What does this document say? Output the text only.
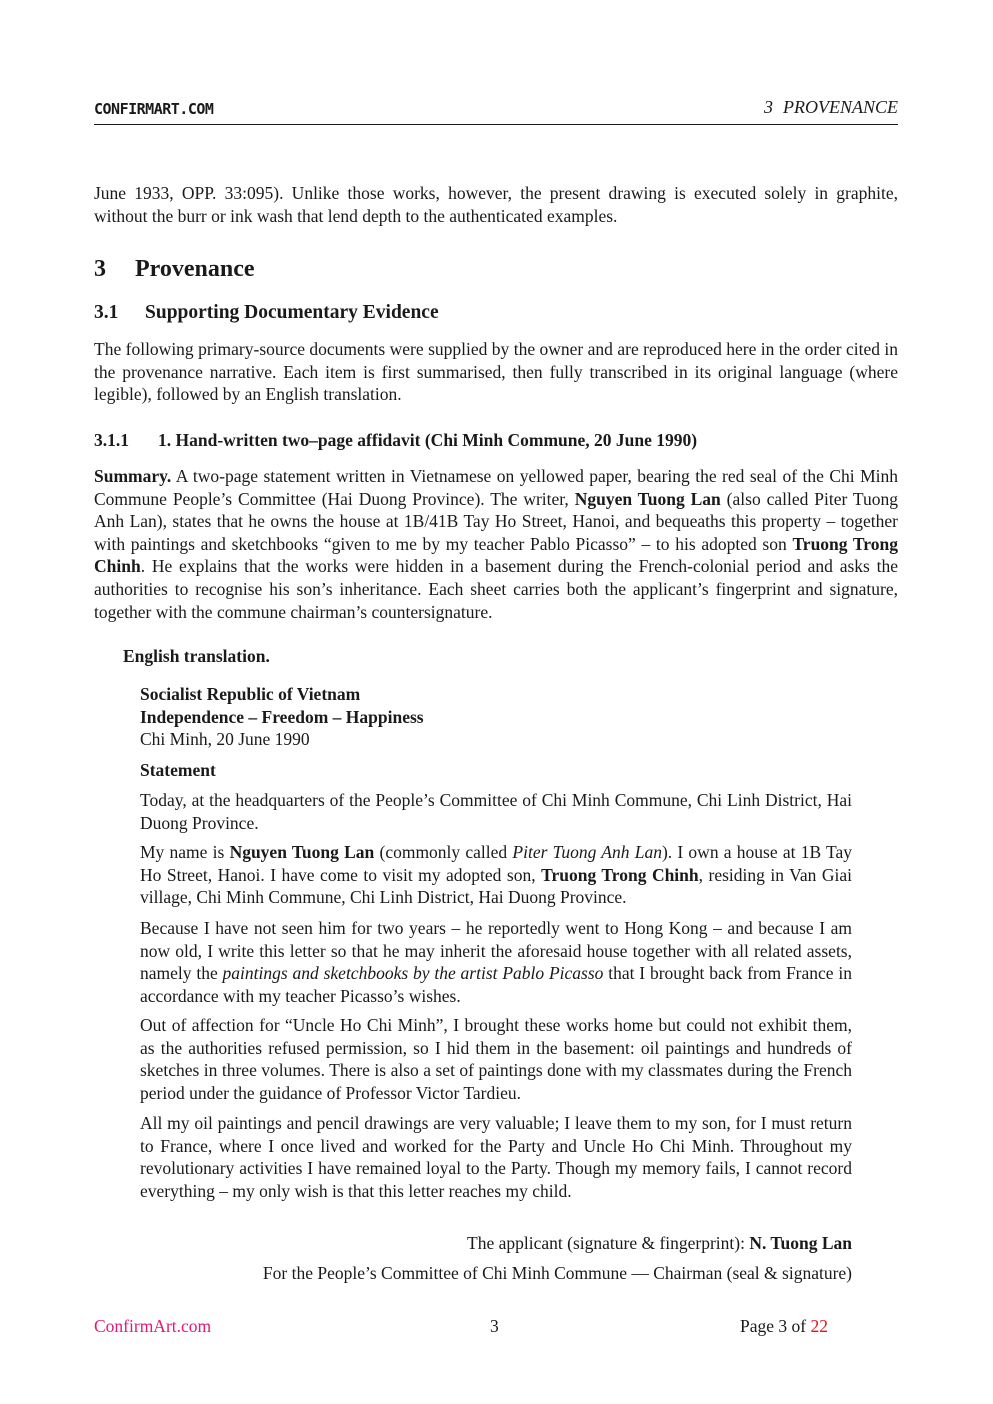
CONFIRMART.COM	3 PROVENANCE
June 1933, OPP. 33:095). Unlike those works, however, the present drawing is executed solely in graphite, without the burr or ink wash that lend depth to the authenticated examples.
3 Provenance
3.1 Supporting Documentary Evidence
The following primary-source documents were supplied by the owner and are reproduced here in the order cited in the provenance narrative. Each item is first summarised, then fully transcribed in its original language (where legible), followed by an English translation.
3.1.1 1. Hand-written two–page affidavit (Chi Minh Commune, 20 June 1990)
Summary. A two-page statement written in Vietnamese on yellowed paper, bearing the red seal of the Chi Minh Commune People’s Committee (Hai Duong Province). The writer, Nguyen Tuong Lan (also called Piter Tuong Anh Lan), states that he owns the house at 1B/41B Tay Ho Street, Hanoi, and bequeaths this property – together with paintings and sketchbooks “given to me by my teacher Pablo Picasso” – to his adopted son Truong Trong Chinh. He explains that the works were hidden in a basement during the French-colonial period and asks the authorities to recognise his son’s inheritance. Each sheet carries both the applicant’s fingerprint and signature, together with the commune chairman’s countersignature.
English translation.
Socialist Republic of Vietnam
Independence – Freedom – Happiness
Chi Minh, 20 June 1990
Statement

Today, at the headquarters of the People’s Committee of Chi Minh Commune, Chi Linh District, Hai Duong Province.

My name is Nguyen Tuong Lan (commonly called Piter Tuong Anh Lan). I own a house at 1B Tay Ho Street, Hanoi. I have come to visit my adopted son, Truong Trong Chinh, residing in Van Giai village, Chi Minh Commune, Chi Linh District, Hai Duong Province.

Because I have not seen him for two years – he reportedly went to Hong Kong – and because I am now old, I write this letter so that he may inherit the aforesaid house together with all related assets, namely the paintings and sketchbooks by the artist Pablo Picasso that I brought back from France in accordance with my teacher Picasso’s wishes.

Out of affection for “Uncle Ho Chi Minh”, I brought these works home but could not exhibit them, as the authorities refused permission, so I hid them in the basement: oil paintings and hundreds of sketches in three volumes. There is also a set of paintings done with my classmates during the French period under the guidance of Professor Victor Tardieu.

All my oil paintings and pencil drawings are very valuable; I leave them to my son, for I must return to France, where I once lived and worked for the Party and Uncle Ho Chi Minh. Throughout my revolutionary activities I have remained loyal to the Party. Though my memory fails, I cannot record everything – my only wish is that this letter reaches my child.

The applicant (signature & fingerprint): N. Tuong Lan
For the People’s Committee of Chi Minh Commune — Chairman (seal & signature)
ConfirmArt.com	3	Page 3 of 22
